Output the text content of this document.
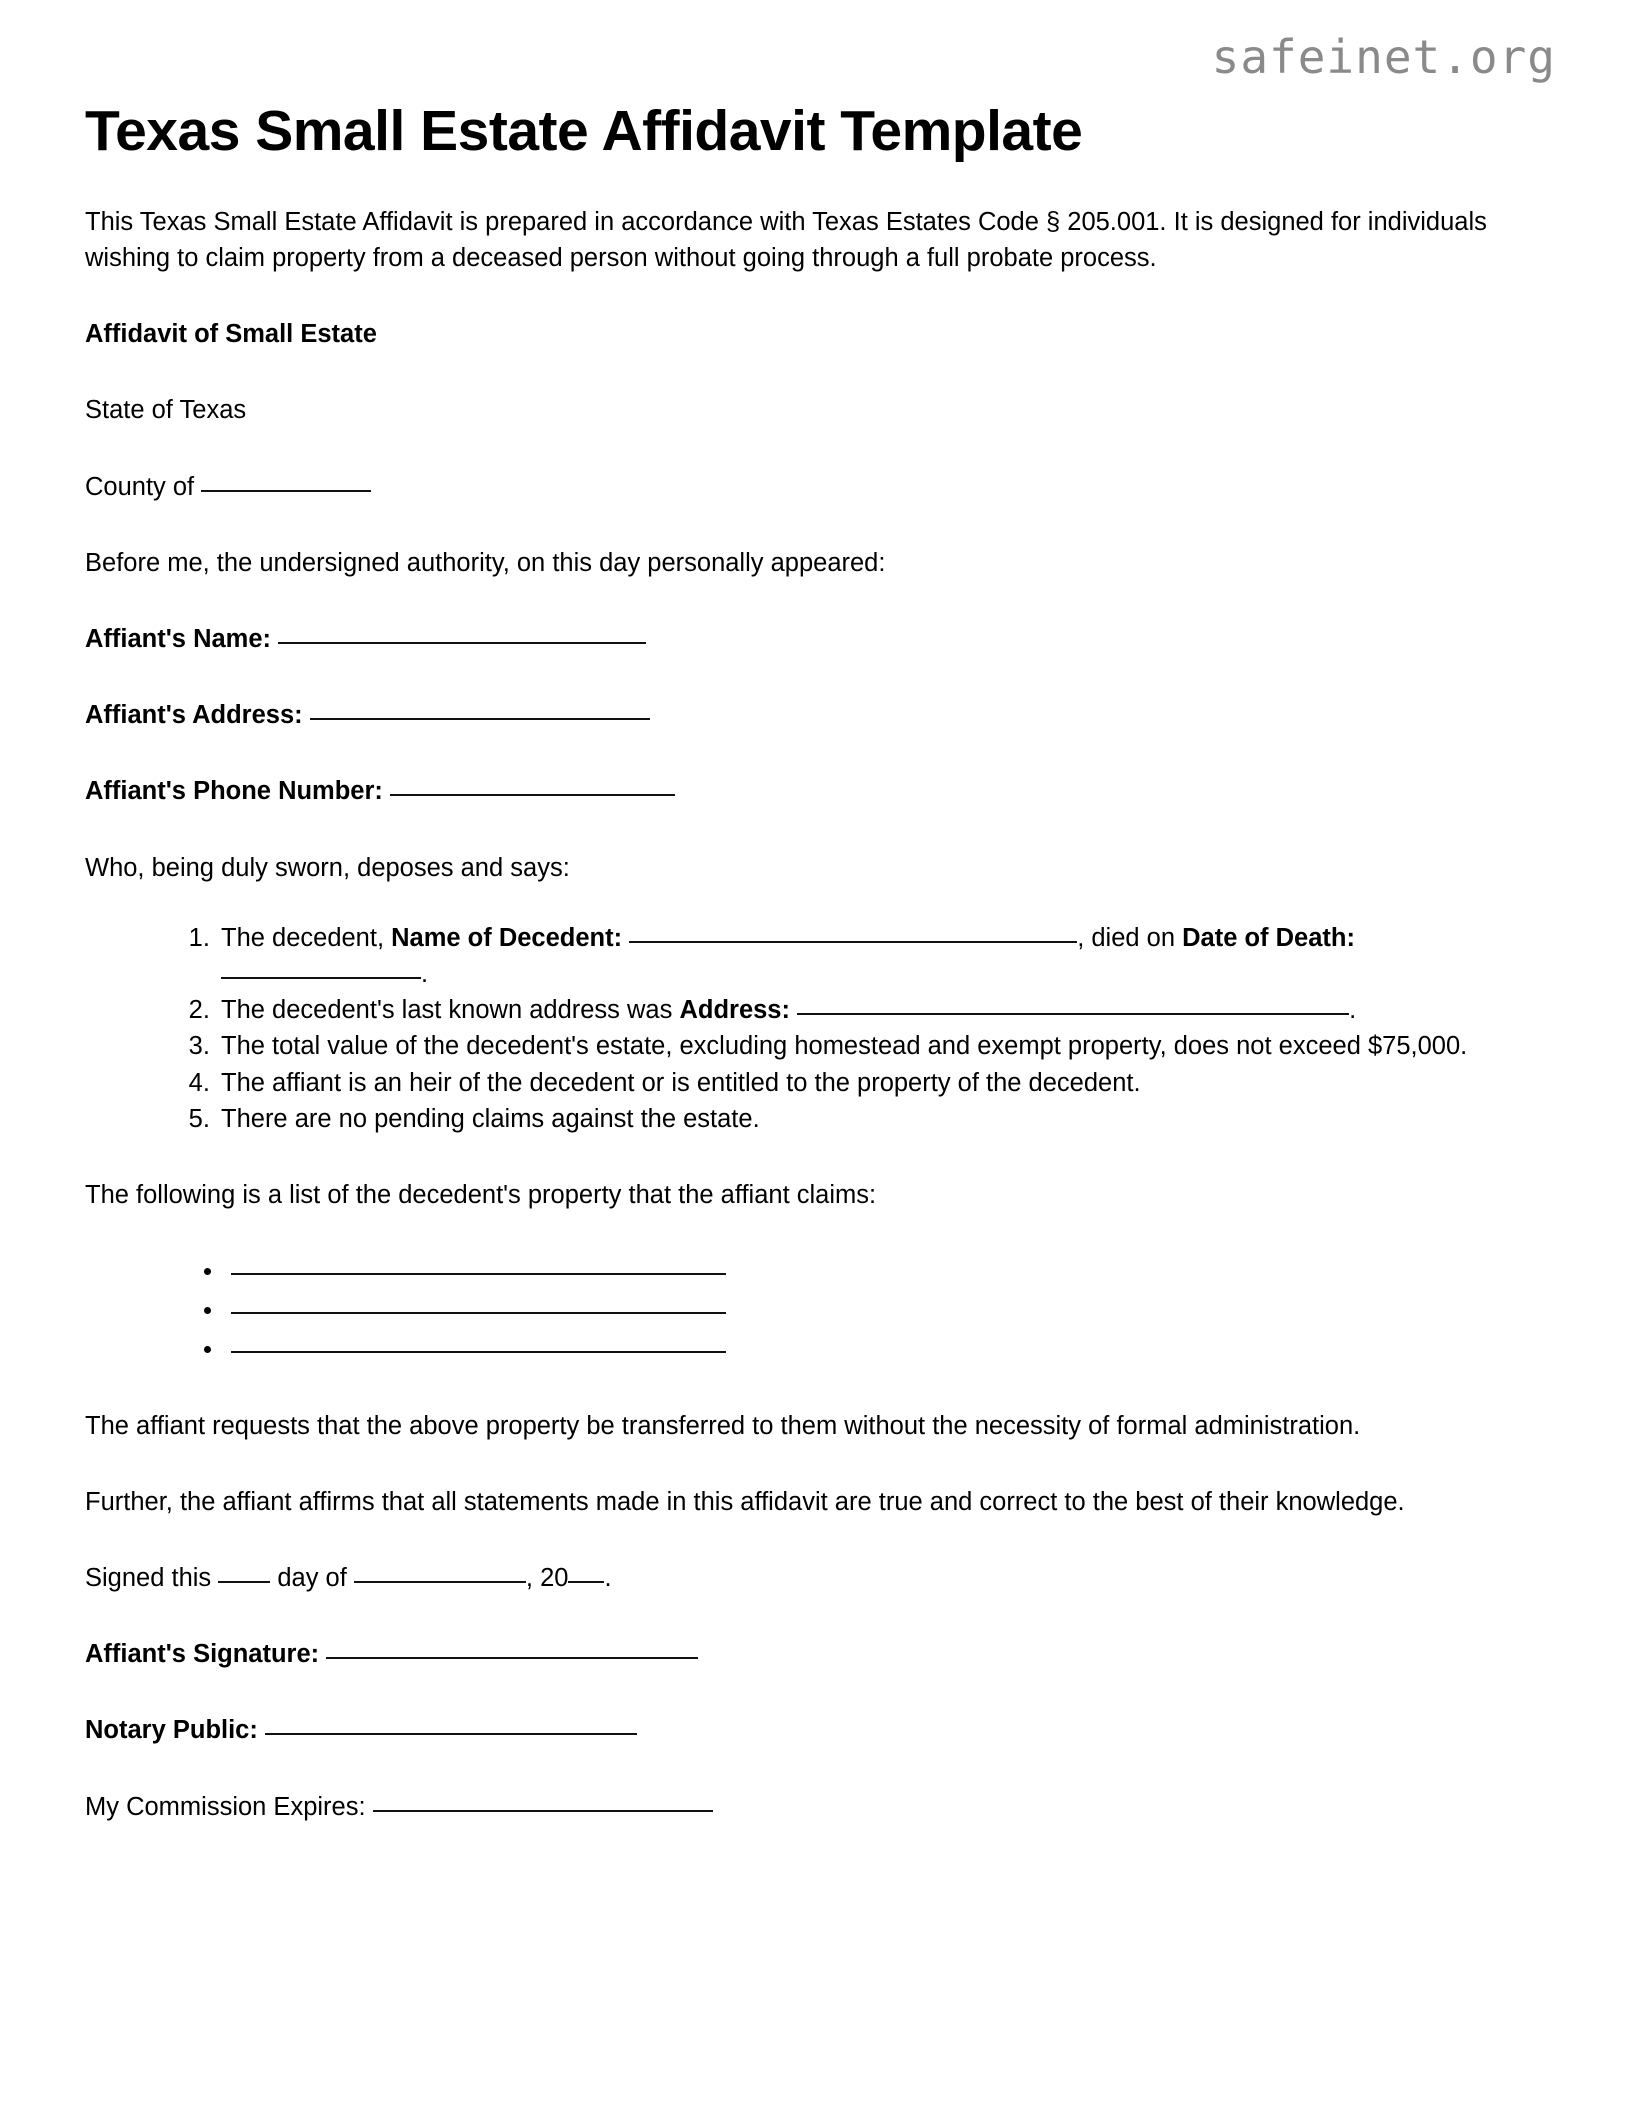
safeinet.org
Texas Small Estate Affidavit Template

This Texas Small Estate Affidavit is prepared in accordance with Texas Estates Code § 205.001. It is designed for individuals wishing to claim property from a deceased person without going through a full probate process.

Affidavit of Small Estate

State of Texas

County of

Before me, the undersigned authority, on this day personally appeared:

Affiant's Name:

Affiant's Address:

Affiant's Phone Number:

Who, being duly sworn, deposes and says:

1. The decedent, Name of Decedent:	, died on Date of Death: .
2. The decedent's last known address was Address:	.
3. The total value of the decedent's estate, excluding homestead and exempt property, does not exceed $75,000.
4. The affiant is an heir of the decedent or is entitled to the property of the decedent.
5. There are no pending claims against the estate.

The following is a list of the decedent's property that the affiant claims:

•
•
•

The affiant requests that the above property be transferred to them without the necessity of formal administration.

Further, the affiant affirms that all statements made in this affidavit are true and correct to the best of their knowledge.

Signed this  day of	, 20 .

Affiant's Signature:

Notary Public:

My Commission Expires:
